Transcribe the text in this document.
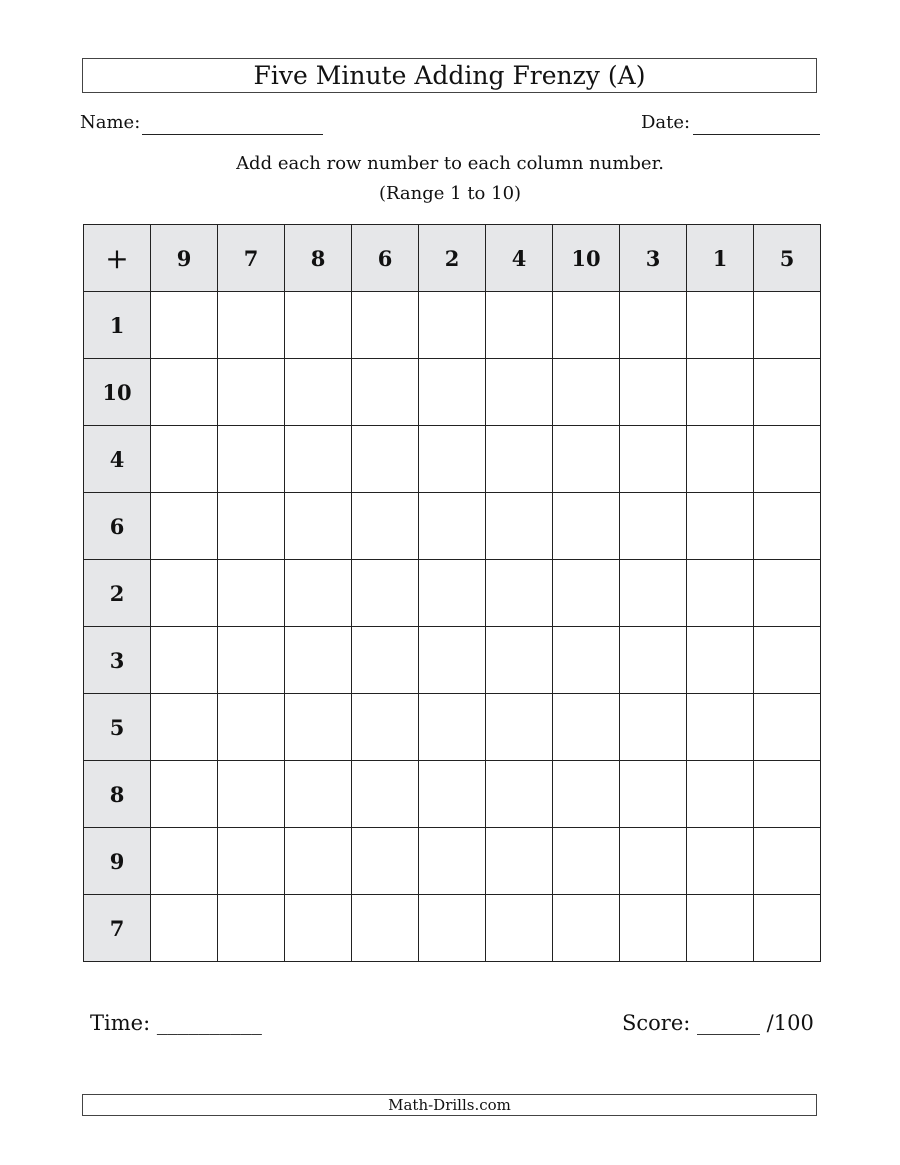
Five Minute Adding Frenzy (A)
Name:	Date:
Add each row number to each column number.
(Range 1 to 10)
+	9	7	8	6	2	4	10	3	1	5
1										
10										
4										
6										
2										
3										
5										
8										
9										
7										
Time: __________	Score: ______ /100
Math-Drills.com
